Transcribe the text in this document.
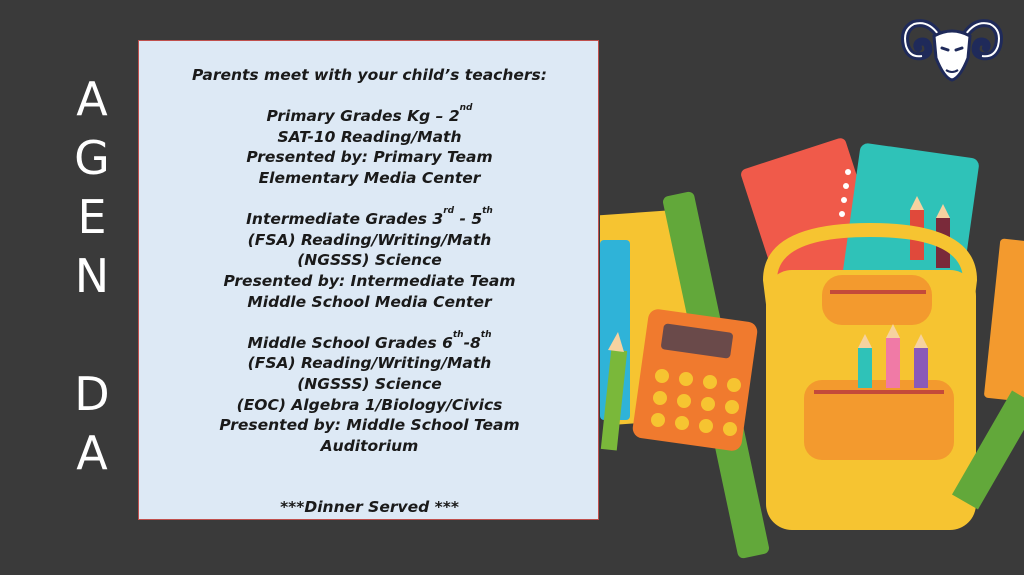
A
G
E
N
D
A

Parents meet with your child’s teachers:

Primary Grades Kg – 2nd

SAT-10 Reading/Math

Presented by: Primary Team

Elementary Media Center

Intermediate Grades 3rd - 5th

(FSA) Reading/Writing/Math

(NGSSS) Science

Presented by: Intermediate Team

Middle School Media Center

Middle School Grades 6th-8th

(FSA) Reading/Writing/Math

(NGSSS) Science

(EOC) Algebra 1/Biology/Civics

Presented by: Middle School Team

Auditorium

***Dinner Served ***
